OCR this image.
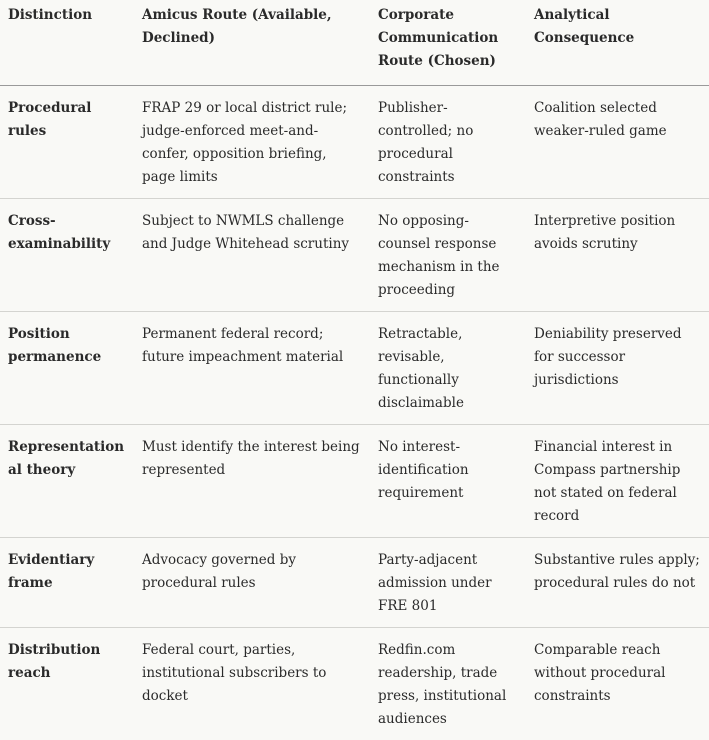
Distinction	Amicus Route (Available, Declined)	Corporate Communication Route (Chosen)	Analytical Consequence
Procedural rules	FRAP 29 or local district rule; judge-enforced meet-and-confer, opposition briefing, page limits	Publisher-controlled; no procedural constraints	Coalition selected weaker-ruled game
Cross-examinability	Subject to NWMLS challenge and Judge Whitehead scrutiny	No opposing-counsel response mechanism in the proceeding	Interpretive position avoids scrutiny
Position permanence	Permanent federal record; future impeachment material	Retractable, revisable, functionally disclaimable	Deniability preserved for successor jurisdictions
Representational theory	Must identify the interest being represented	No interest-identification requirement	Financial interest in Compass partnership not stated on federal record
Evidentiary frame	Advocacy governed by procedural rules	Party-adjacent admission under FRE 801	Substantive rules apply; procedural rules do not
Distribution reach	Federal court, parties, institutional subscribers to docket	Redfin.com readership, trade press, institutional audiences	Comparable reach without procedural constraints
